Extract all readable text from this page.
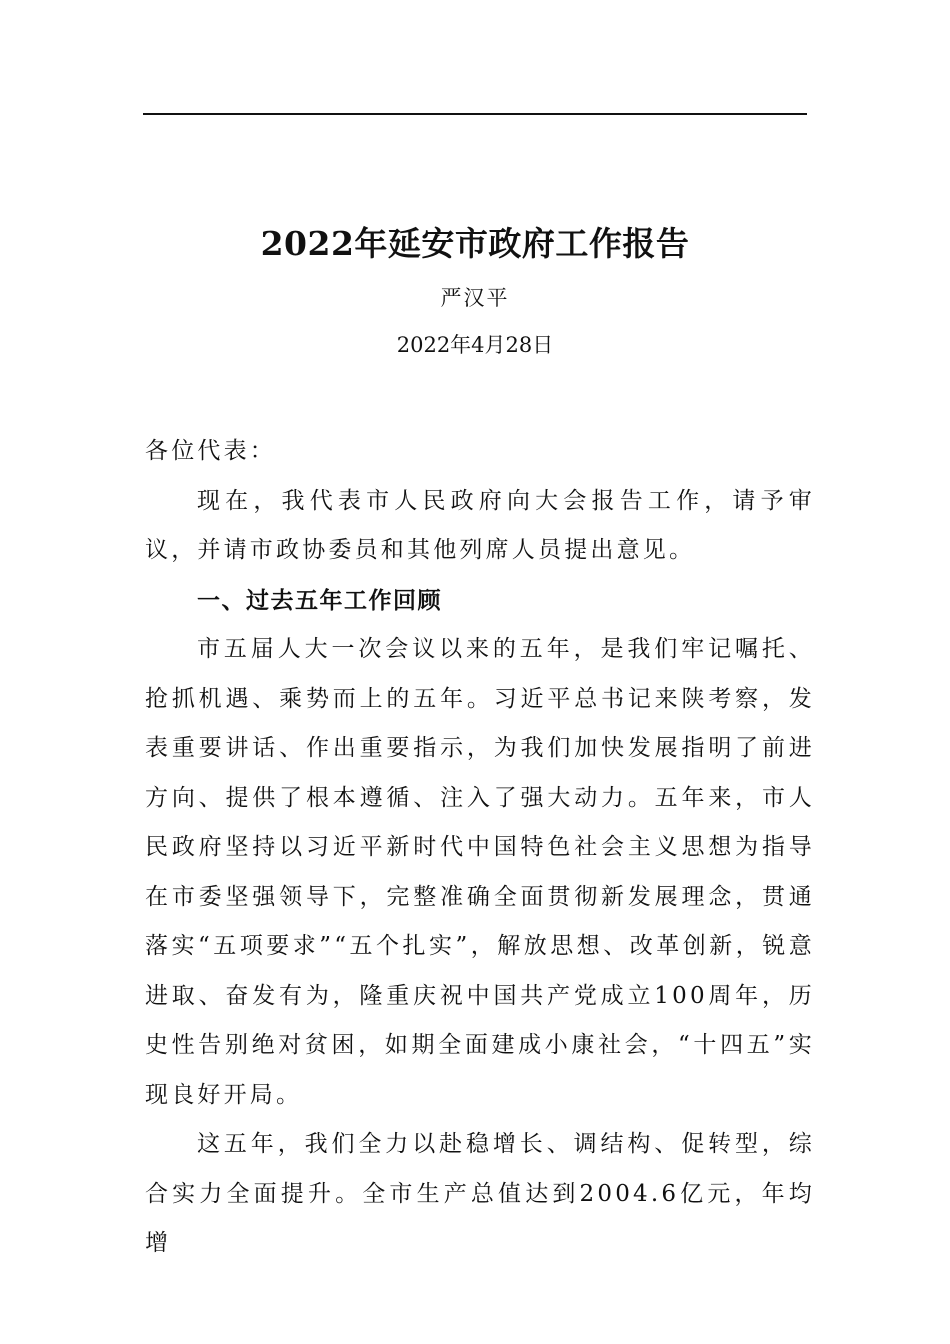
2022年延安市政府工作报告
严汉平
2022年4月28日

各位代表：

现在，我代表市人民政府向大会报告工作，请予审议，并请市政协委员和其他列席人员提出意见。

一、过去五年工作回顾

市五届人大一次会议以来的五年，是我们牢记嘱托、抢抓机遇、乘势而上的五年。习近平总书记来陕考察，发表重要讲话、作出重要指示，为我们加快发展指明了前进方向、提供了根本遵循、注入了强大动力。五年来，市人民政府坚持以习近平新时代中国特色社会主义思想为指导在市委坚强领导下，完整准确全面贯彻新发展理念，贯通落实“五项要求”“五个扎实”，解放思想、改革创新，锐意进取、奋发有为，隆重庆祝中国共产党成立100周年，历史性告别绝对贫困，如期全面建成小康社会，“十四五”实现良好开局。

这五年，我们全力以赴稳增长、调结构、促转型，综合实力全面提升。全市生产总值达到2004.6亿元，年均增
